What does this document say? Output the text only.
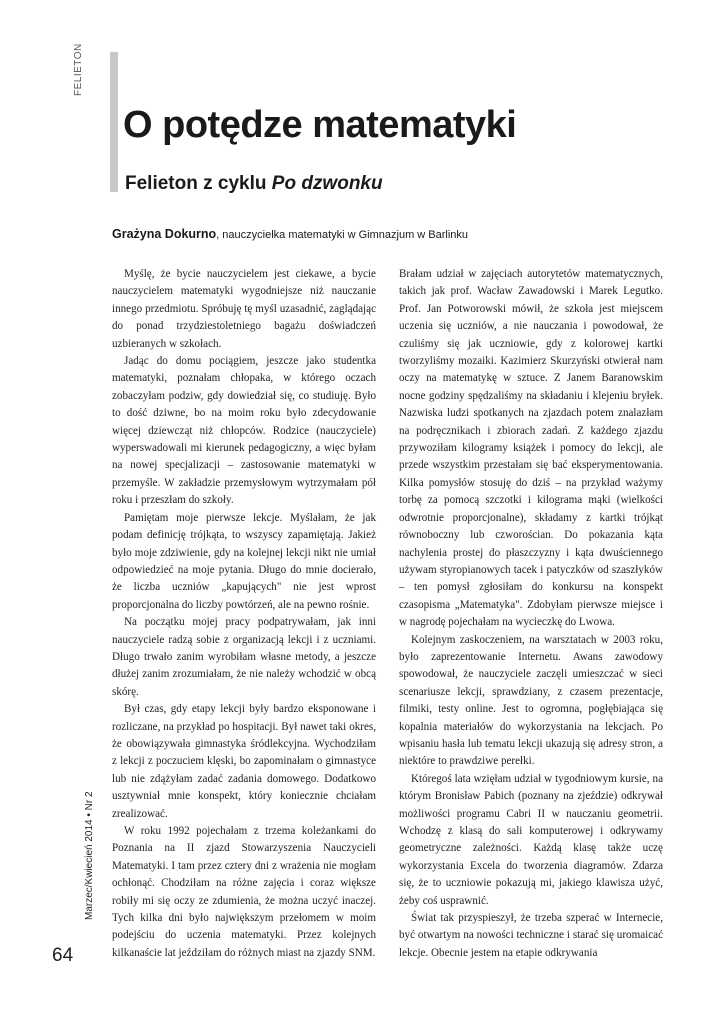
FELIETON
Marzec/Kwiecień 2014 • Nr 2
64
O potędze matematyki
Felieton z cyklu Po dzwonku
Grażyna Dokurno, nauczycielka matematyki w Gimnazjum w Barlinku

Myślę, że bycie nauczycielem jest ciekawe, a bycie nauczycielem matematyki wygodniejsze niż nauczanie innego przedmiotu. Spróbuję tę myśl uzasadnić, zaglądając do ponad trzydziestoletniego bagażu doświadczeń uzbieranych w szkołach.

Jadąc do domu pociągiem, jeszcze jako studentka matematyki, poznałam chłopaka, w którego oczach zobaczyłam podziw, gdy dowiedział się, co studiuję. Było to dość dziwne, bo na moim roku było zdecydowanie więcej dziewcząt niż chłopców. Rodzice (nauczyciele) wyperswadowali mi kierunek pedagogiczny, a więc byłam na nowej specjalizacji – zastosowanie matematyki w przemyśle. W zakładzie przemysłowym wytrzymałam pół roku i przeszłam do szkoły.

Pamiętam moje pierwsze lekcje. Myślałam, że jak podam definicję trójkąta, to wszyscy zapamiętają. Jakież było moje zdziwienie, gdy na kolejnej lekcji nikt nie umiał odpowiedzieć na moje pytania. Długo do mnie docierało, że liczba uczniów „kapujących" nie jest wprost proporcjonalna do liczby powtórzeń, ale na pewno rośnie.

Na początku mojej pracy podpatrywałam, jak inni nauczyciele radzą sobie z organizacją lekcji i z uczniami. Długo trwało zanim wyrobiłam własne metody, a jeszcze dłużej zanim zrozumiałam, że nie należy wchodzić w obcą skórę.

Był czas, gdy etapy lekcji były bardzo eksponowane i rozliczane, na przykład po hospitacji. Był nawet taki okres, że obowiązywała gimnastyka śródlekcyjna. Wychodziłam z lekcji z poczuciem klęski, bo zapominałam o gimnastyce lub nie zdążyłam zadać zadania domowego. Dodatkowo usztywniał mnie konspekt, który koniecznie chciałam zrealizować.

W roku 1992 pojechałam z trzema koleżankami do Poznania na II zjazd Stowarzyszenia Nauczycieli Matematyki. I tam przez cztery dni z wrażenia nie mogłam ochłonąć. Chodziłam na różne zajęcia i coraz większe robiły mi się oczy ze zdumienia, że można uczyć inaczej. Tych kilka dni było największym przełomem w moim podejściu do uczenia matematyki. Przez kolejnych kilkanaście lat jeździłam do różnych miast na zjazdy SNM.

Brałam udział w zajęciach autorytetów matematycznych, takich jak prof. Wacław Zawadowski i Marek Legutko. Prof. Jan Potworowski mówił, że szkoła jest miejscem uczenia się uczniów, a nie nauczania i powodował, że czuliśmy się jak uczniowie, gdy z kolorowej kartki tworzyliśmy mozaiki. Kazimierz Skurzyński otwierał nam oczy na matematykę w sztuce. Z Janem Baranowskim nocne godziny spędzaliśmy na składaniu i klejeniu bryłek. Nazwiska ludzi spotkanych na zjazdach potem znalazłam na podręcznikach i zbiorach zadań. Z każdego zjazdu przywoziłam kilogramy książek i pomocy do lekcji, ale przede wszystkim przestałam się bać eksperymentowania. Kilka pomysłów stosuję do dziś – na przykład ważymy torbę za pomocą szczotki i kilograma mąki (wielkości odwrotnie proporcjonalne), składamy z kartki trójkąt równoboczny lub czworościan. Do pokazania kąta nachylenia prostej do płaszczyzny i kąta dwuściennego używam styropianowych tacek i patyczków od szaszłyków – ten pomysł zgłosiłam do konkursu na konspekt czasopisma „Matematyka". Zdobyłam pierwsze miejsce i w nagrodę pojechałam na wycieczkę do Lwowa.

Kolejnym zaskoczeniem, na warsztatach w 2003 roku, było zaprezentowanie Internetu. Awans zawodowy spowodował, że nauczyciele zaczęli umieszczać w sieci scenariusze lekcji, sprawdziany, z czasem prezentacje, filmiki, testy online. Jest to ogromna, pogłębiająca się kopalnia materiałów do wykorzystania na lekcjach. Po wpisaniu hasła lub tematu lekcji ukazują się adresy stron, a niektóre to prawdziwe perełki.

Któregoś lata wzięłam udział w tygodniowym kursie, na którym Bronisław Pabich (poznany na zjeździe) odkrywał możliwości programu Cabri II w nauczaniu geometrii. Wchodzę z klasą do sali komputerowej i odkrywamy geometryczne zależności. Każdą klasę także uczę wykorzystania Excela do tworzenia diagramów. Zdarza się, że to uczniowie pokazują mi, jakiego klawisza użyć, żeby coś usprawnić.

Świat tak przyspieszył, że trzeba szperać w Internecie, być otwartym na nowości techniczne i starać się uromaicać lekcje. Obecnie jestem na etapie odkrywania
